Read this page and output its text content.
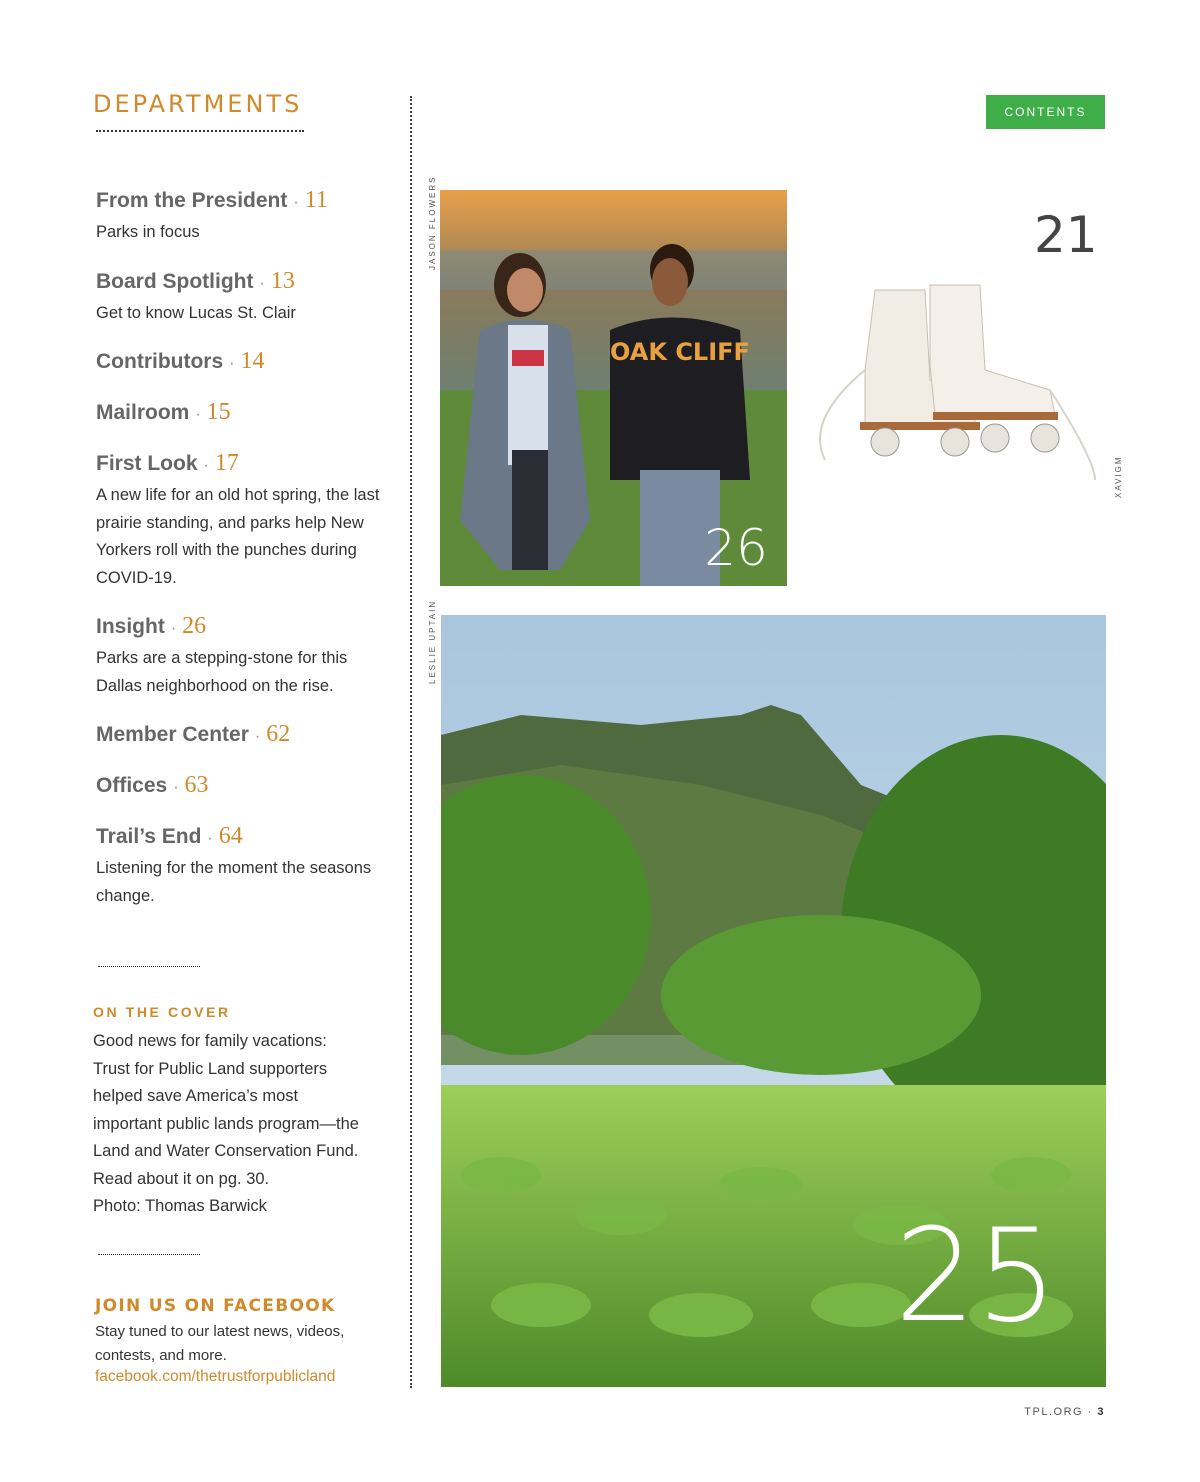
DEPARTMENTS
From the President · 11
Parks in focus
Board Spotlight · 13
Get to know Lucas St. Clair
Contributors · 14
Mailroom · 15
First Look · 17
A new life for an old hot spring, the last prairie standing, and parks help New Yorkers roll with the punches during COVID-19.
Insight · 26
Parks are a stepping-stone for this Dallas neighborhood on the rise.
Member Center · 62
Offices · 63
Trail’s End · 64
Listening for the moment the seasons change.
ON THE COVER
Good news for family vacations:
Trust for Public Land supporters
helped save America’s most
important public lands program—the
Land and Water Conservation Fund.
Read about it on pg. 30.
Photo: Thomas Barwick
JOIN US ON FACEBOOK
Stay tuned to our latest news, videos, contests, and more.
facebook.com/thetrustforpublicland
CONTENTS
JASON FLOWERS
OAK CLIFF
26
21
XAVIGM
LESLIE UPTAIN
25
TPL.ORG · 3
